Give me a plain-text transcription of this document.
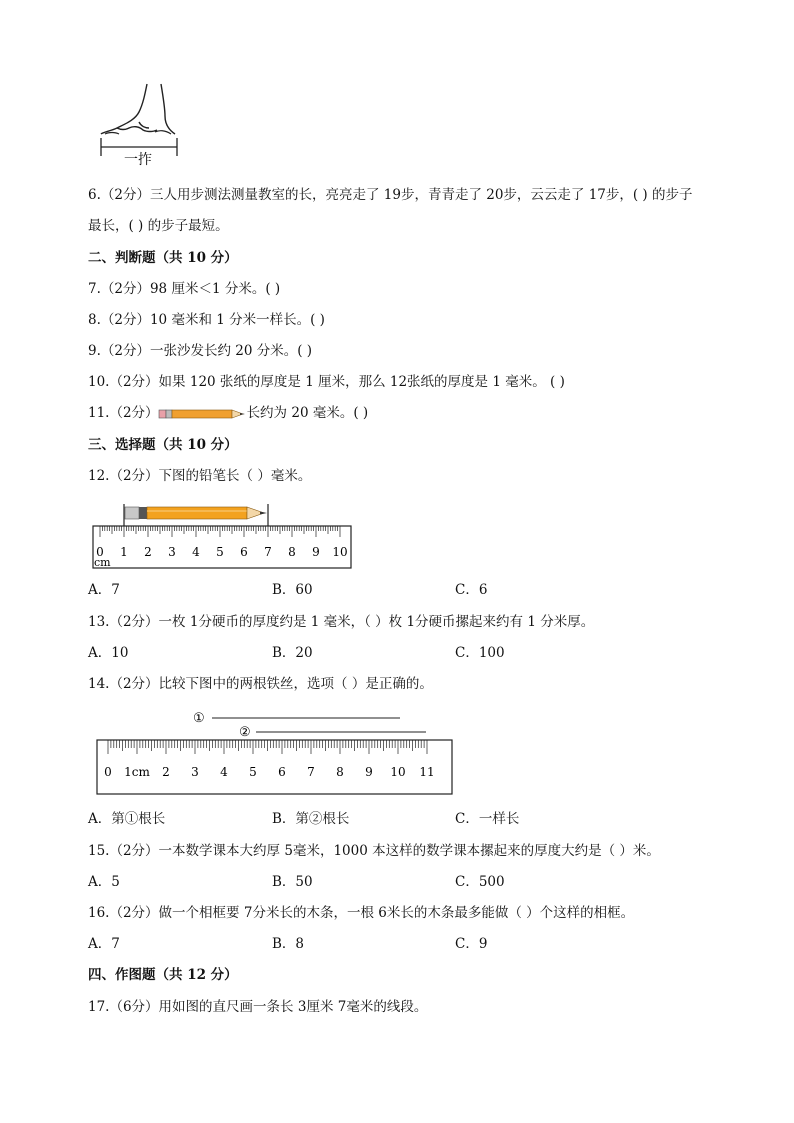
一拃
6.（2分）三人用步测法测量教室的长，亮亮走了 19步，青青走了 20步，云云走了 17步，( ) 的步子
最长，( ) 的步子最短。
二、判断题（共 10 分）
7.（2分）98 厘米＜1 分米。( )
8.（2分）10 毫米和 1 分米一样长。( )
9.（2分）一张沙发长约 20 分米。( )
10.（2分）如果 120 张纸的厚度是 1 厘米，那么 12张纸的厚度是 1 毫米。 ( )
11.（2分）	长约为 20 毫米。( )
三、选择题（共 10 分）
12.（2分）下图的铅笔长（ ）毫米。
0 1 2 3 4 5 6 7 8 9 10
cm
A．7	B．60	C．6
13.（2分）一枚 1分硬币的厚度约是 1 毫米，（ ）枚 1分硬币摞起来约有 1 分米厚。
A．10	B．20	C．100
14.（2分）比较下图中的两根铁丝，选项（ ）是正确的。
①
②
0 1cm 2 3 4 5 6 7 8 9 10 11
A．第①根长	B．第②根长	C．一样长
15.（2分）一本数学课本大约厚 5毫米，1000 本这样的数学课本摞起来的厚度大约是（ ）米。
A．5	B．50	C．500
16.（2分）做一个相框要 7分米长的木条，一根 6米长的木条最多能做（ ）个这样的相框。
A．7	B．8	C．9
四、作图题（共 12 分）
17.（6分）用如图的直尺画一条长 3厘米 7毫米的线段。
